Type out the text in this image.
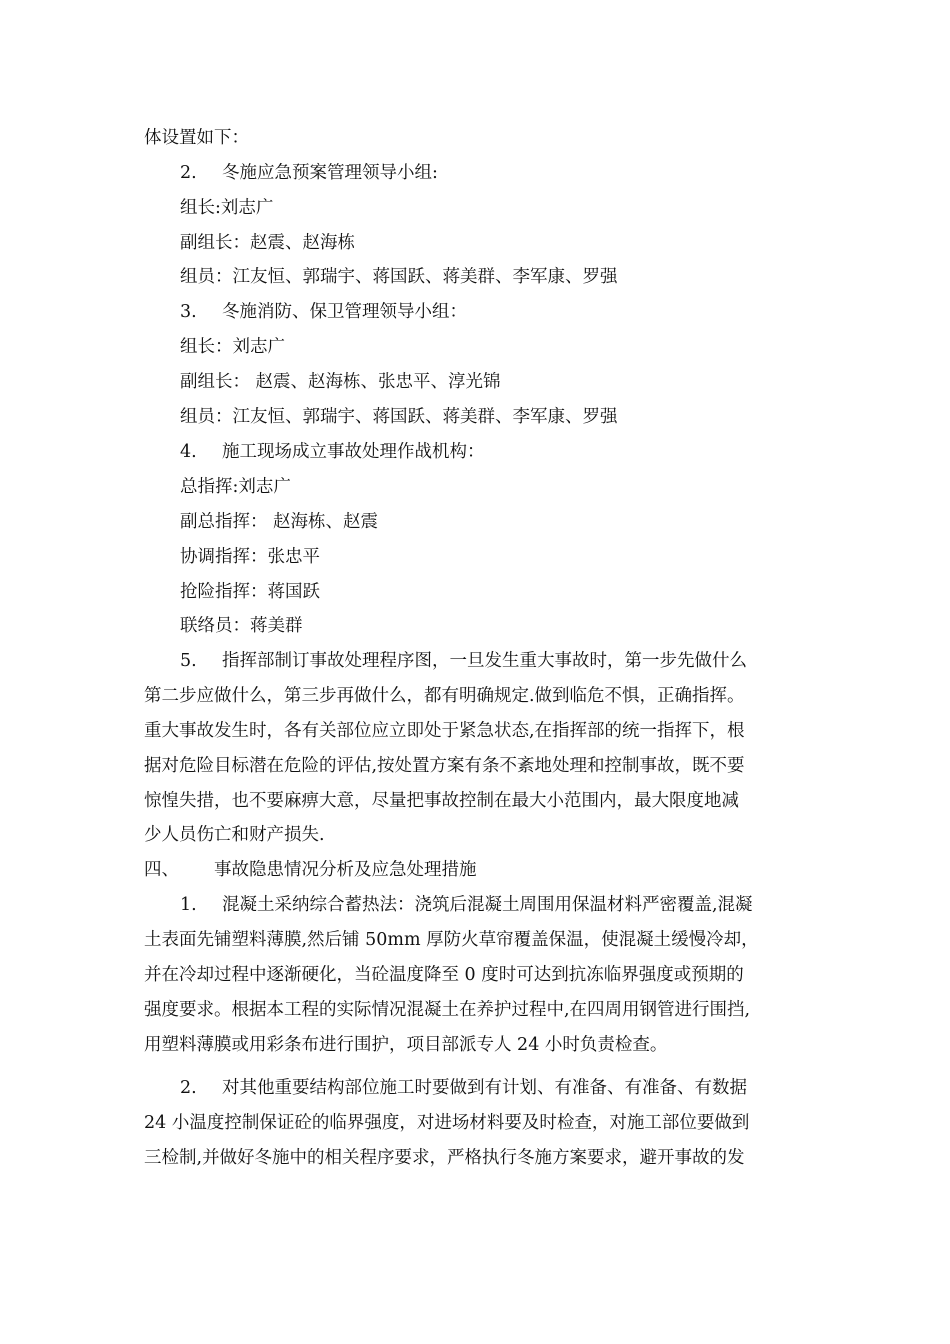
体设置如下：
2. 冬施应急预案管理领导小组:
组长:刘志广
副组长：赵震、赵海栋
组员：江友恒、郭瑞宇、蒋国跃、蒋美群、李军康、罗强
3. 冬施消防、保卫管理领导小组：
组长：刘志广
副组长： 赵震、赵海栋、张忠平、淳光锦
组员：江友恒、郭瑞宇、蒋国跃、蒋美群、李军康、罗强
4. 施工现场成立事故处理作战机构：
总指挥:刘志广
副总指挥： 赵海栋、赵震
协调指挥：张忠平
抢险指挥：蒋国跃
联络员：蒋美群
5. 指挥部制订事故处理程序图，一旦发生重大事故时，第一步先做什么
第二步应做什么，第三步再做什么，都有明确规定.做到临危不惧，正确指挥。
重大事故发生时，各有关部位应立即处于紧急状态,在指挥部的统一指挥下，根
据对危险目标潜在危险的评估,按处置方案有条不紊地处理和控制事故，既不要
惊惶失措，也不要麻痹大意，尽量把事故控制在最大小范围内，最大限度地减
少人员伤亡和财产损失.
四、 事故隐患情况分析及应急处理措施
1. 混凝土采纳综合蓄热法：浇筑后混凝土周围用保温材料严密覆盖,混凝
土表面先铺塑料薄膜,然后铺 50mm 厚防火草帘覆盖保温，使混凝土缓慢冷却，
并在冷却过程中逐渐硬化，当砼温度降至 0 度时可达到抗冻临界强度或预期的
强度要求。根据本工程的实际情况混凝土在养护过程中,在四周用钢管进行围挡,
用塑料薄膜或用彩条布进行围护，项目部派专人 24 小时负责检查。
2. 对其他重要结构部位施工时要做到有计划、有准备、有准备、有数据
24 小温度控制保证砼的临界强度，对进场材料要及时检查，对施工部位要做到
三检制,并做好冬施中的相关程序要求，严格执行冬施方案要求，避开事故的发
